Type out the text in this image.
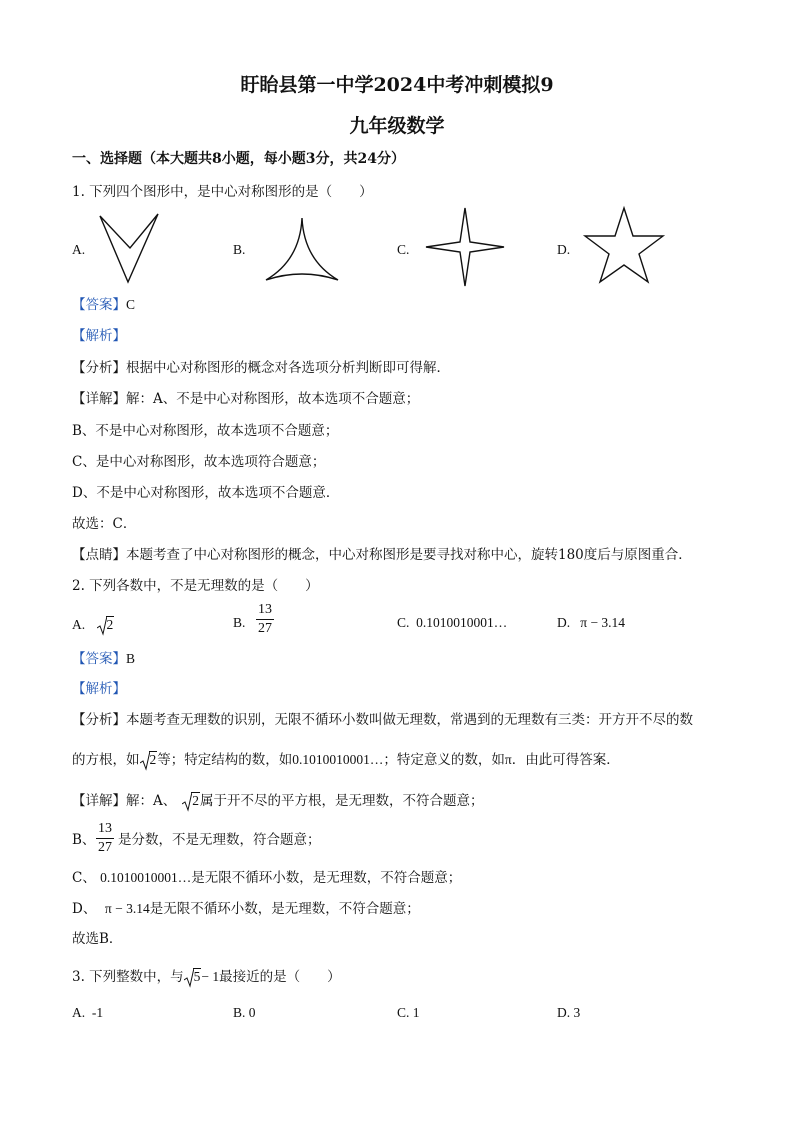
盱眙县第一中学2024中考冲刺模拟9
九年级数学
一、选择题（本大题共8小题，每小题3分，共24分）
1. 下列四个图形中，是中心对称图形的是（　　）
A.	B.	C.	D.
【答案】C
【解析】
【分析】根据中心对称图形的概念对各选项分析判断即可得解．
【详解】解：A、不是中心对称图形，故本选项不合题意；
B、不是中心对称图形，故本选项不合题意；
C、是中心对称图形，故本选项符合题意；
D、不是中心对称图形，故本选项不合题意．
故选：C．
【点睛】本题考查了中心对称图形的概念，中心对称图形是要寻找对称中心，旋转180度后与原图重合．
2. 下列各数中，不是无理数的是（　　）
A. 2	B. $\frac{13}{27}$	C. 0.1010010001…	D. π − 3.14
【答案】B
【解析】
【分析】本题考查无理数的识别，无限不循环小数叫做无理数，常遇到的无理数有三类：开方开不尽的数
的方根，如 2等；特定结构的数，如0.1010010001…；特定意义的数，如π．由此可得答案．
【详解】解：A、 2属于开不尽的平方根，是无理数，不符合题意；
B、 $\frac{13}{27}$ 是分数，不是无理数，符合题意；
C、 0.1010010001…是无限不循环小数，是无理数，不符合题意；
D、 π − 3.14是无限不循环小数，是无理数，不符合题意；
故选B．
3. 下列整数中，与 5− 1最接近的是（　　）
A. -1	B. 0	C. 1	D. 3
